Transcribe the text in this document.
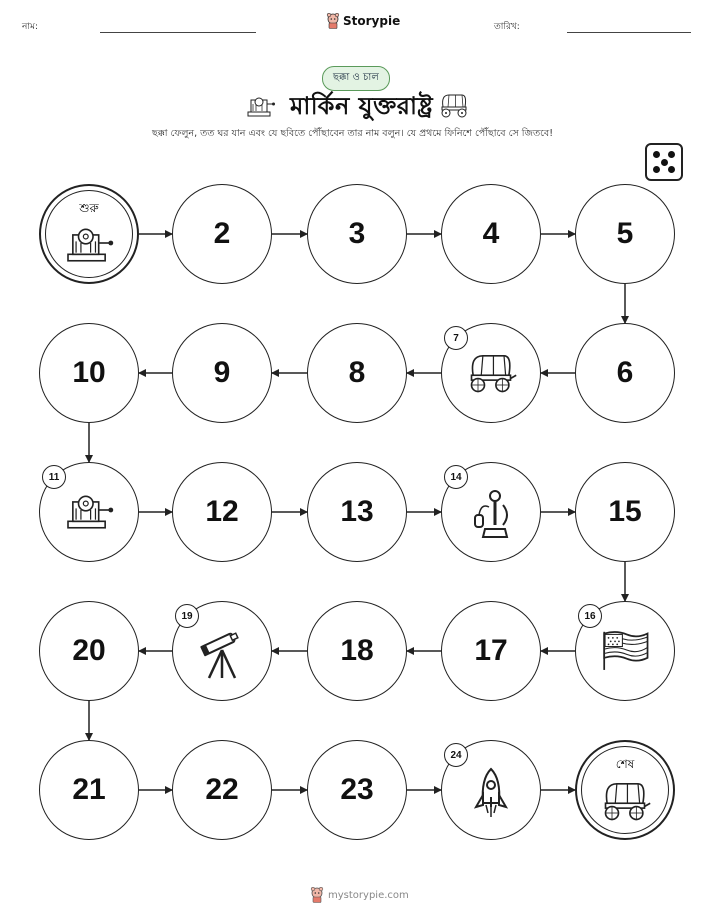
নাম:	Storypie	তারিখ:
ছক্কা ও চাল
মার্কিন যুক্তরাষ্ট্র
ছক্কা ফেলুন, তত ঘর যান এবং যে ছবিতে পৌঁছাবেন তার নাম বলুন। যে প্রথমে ফিনিশে পৌঁছাবে সে জিতবে!
শুরু
2	3	4	5
6
7
8
9
10
11
12	13
14
15
16
17
18
19
20
21	22	23
24
শেষ
mystorypie.com
